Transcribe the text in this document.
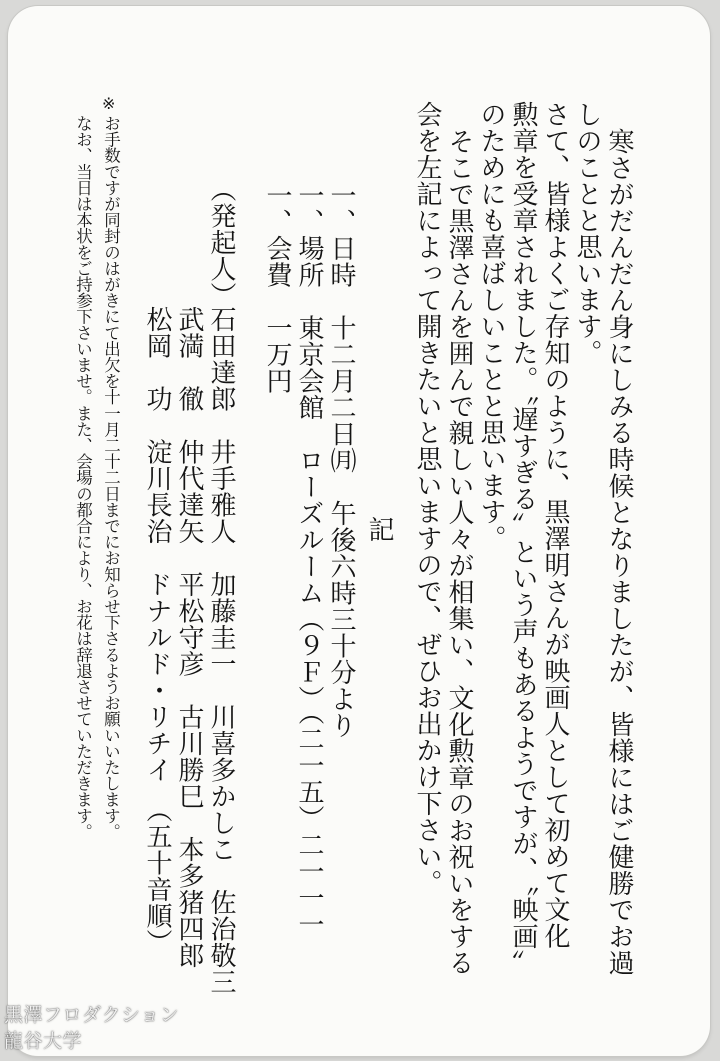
寒さがだんだん身にしみる時候となりましたが、皆様にはご健勝でお過
しのことと思います。
さて、皆様よくご存知のように、黒澤明さんが映画人として初めて文化
勲章を受章されました。〝遅すぎる〟という声もあるようですが、〝映画〟
のためにも喜ばしいことと思います。
そこで黒澤さんを囲んで親しい人々が相集い、文化勲章のお祝いをする
会を左記によって開きたいと思いますので、ぜひお出かけ下さい。
記
一、日時　十二月二日㈪　午後六時三十分より
一、場所　東京会館　ローズルーム（９Ｆ）（二一五）二一一一
一、会費　一万円
（発起人）
石田達郎　井手雅人　加藤圭一　川喜多かしこ　佐治敬三
武満　徹　仲代達矢　平松守彦　古川勝巳　本多猪四郎
松岡　功　淀川長治　ドナルド・リチイ　（五十音順）
※
お手数ですが同封のはがきにて出欠を十一月二十二日までにお知らせ下さるようお願いいたします。
なお、当日は本状をご持参下さいませ。また、会場の都合により、お花は辞退させていただきます。
黒澤フロダクション
龍谷大学
